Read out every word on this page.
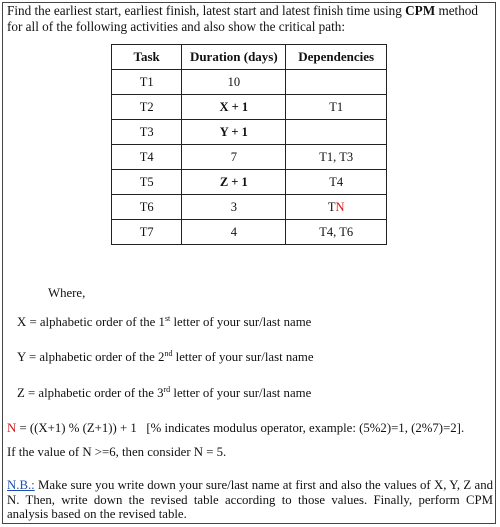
Find the earliest start, earliest finish, latest start and latest finish time using CPM method for all of the following activities and also show the critical path:
Task	Duration (days)	Dependencies
T1	10	
T2	X + 1	T1
T3	Y + 1	
T4	7	T1, T3
T5	Z + 1	T4
T6	3	TN
T7	4	T4, T6
Where,
X = alphabetic order of the 1st letter of your sur/last name
Y = alphabetic order of the 2nd letter of your sur/last name
Z = alphabetic order of the 3rd letter of your sur/last name
N = ((X+1) % (Z+1)) + 1   [% indicates modulus operator, example: (5%2)=1, (2%7)=2].
If the value of N >=6, then consider N = 5.
N.B.: Make sure you write down your sure/last name at first and also the values of X, Y, Z and N. Then, write down the revised table according to those values. Finally, perform CPM analysis based on the revised table.
